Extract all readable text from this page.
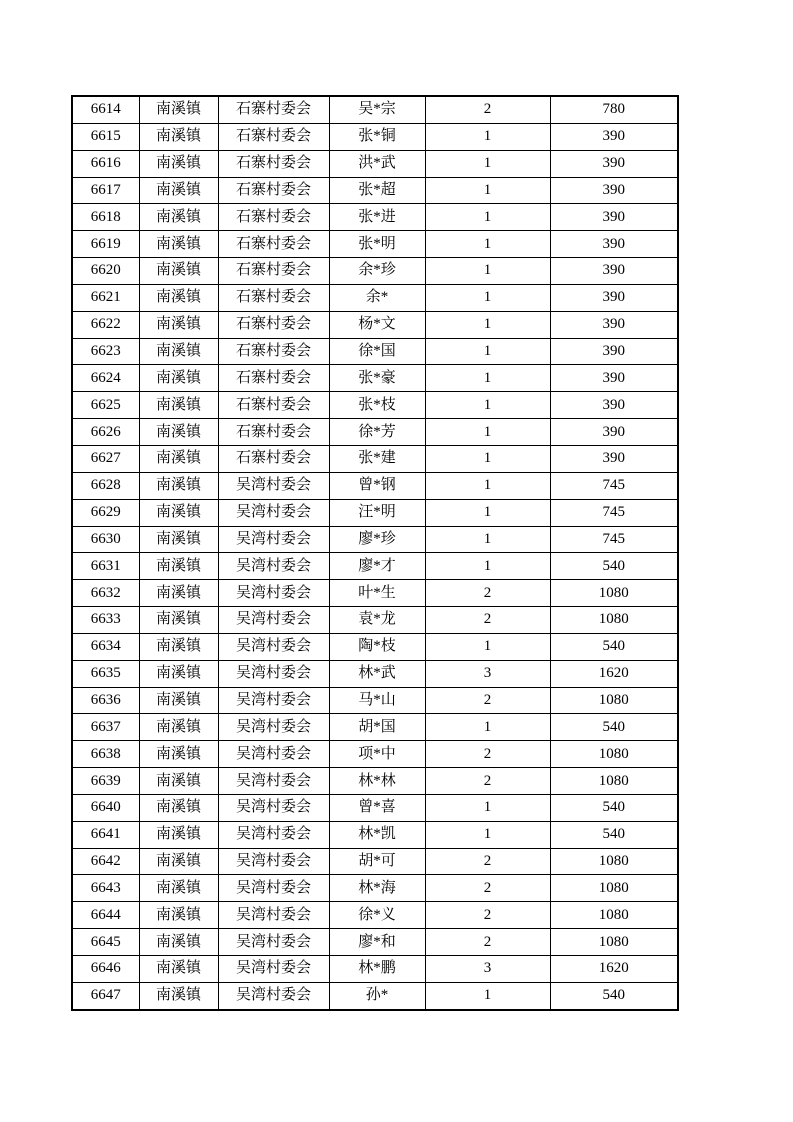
6614	南溪镇	石寨村委会	吴*宗	2	780
6615	南溪镇	石寨村委会	张*铜	1	390
6616	南溪镇	石寨村委会	洪*武	1	390
6617	南溪镇	石寨村委会	张*超	1	390
6618	南溪镇	石寨村委会	张*进	1	390
6619	南溪镇	石寨村委会	张*明	1	390
6620	南溪镇	石寨村委会	余*珍	1	390
6621	南溪镇	石寨村委会	余*	1	390
6622	南溪镇	石寨村委会	杨*文	1	390
6623	南溪镇	石寨村委会	徐*国	1	390
6624	南溪镇	石寨村委会	张*豪	1	390
6625	南溪镇	石寨村委会	张*枝	1	390
6626	南溪镇	石寨村委会	徐*芳	1	390
6627	南溪镇	石寨村委会	张*建	1	390
6628	南溪镇	吴湾村委会	曾*钢	1	745
6629	南溪镇	吴湾村委会	汪*明	1	745
6630	南溪镇	吴湾村委会	廖*珍	1	745
6631	南溪镇	吴湾村委会	廖*才	1	540
6632	南溪镇	吴湾村委会	叶*生	2	1080
6633	南溪镇	吴湾村委会	袁*龙	2	1080
6634	南溪镇	吴湾村委会	陶*枝	1	540
6635	南溪镇	吴湾村委会	林*武	3	1620
6636	南溪镇	吴湾村委会	马*山	2	1080
6637	南溪镇	吴湾村委会	胡*国	1	540
6638	南溪镇	吴湾村委会	项*中	2	1080
6639	南溪镇	吴湾村委会	林*林	2	1080
6640	南溪镇	吴湾村委会	曾*喜	1	540
6641	南溪镇	吴湾村委会	林*凯	1	540
6642	南溪镇	吴湾村委会	胡*可	2	1080
6643	南溪镇	吴湾村委会	林*海	2	1080
6644	南溪镇	吴湾村委会	徐*义	2	1080
6645	南溪镇	吴湾村委会	廖*和	2	1080
6646	南溪镇	吴湾村委会	林*鹏	3	1620
6647	南溪镇	吴湾村委会	孙*	1	540
